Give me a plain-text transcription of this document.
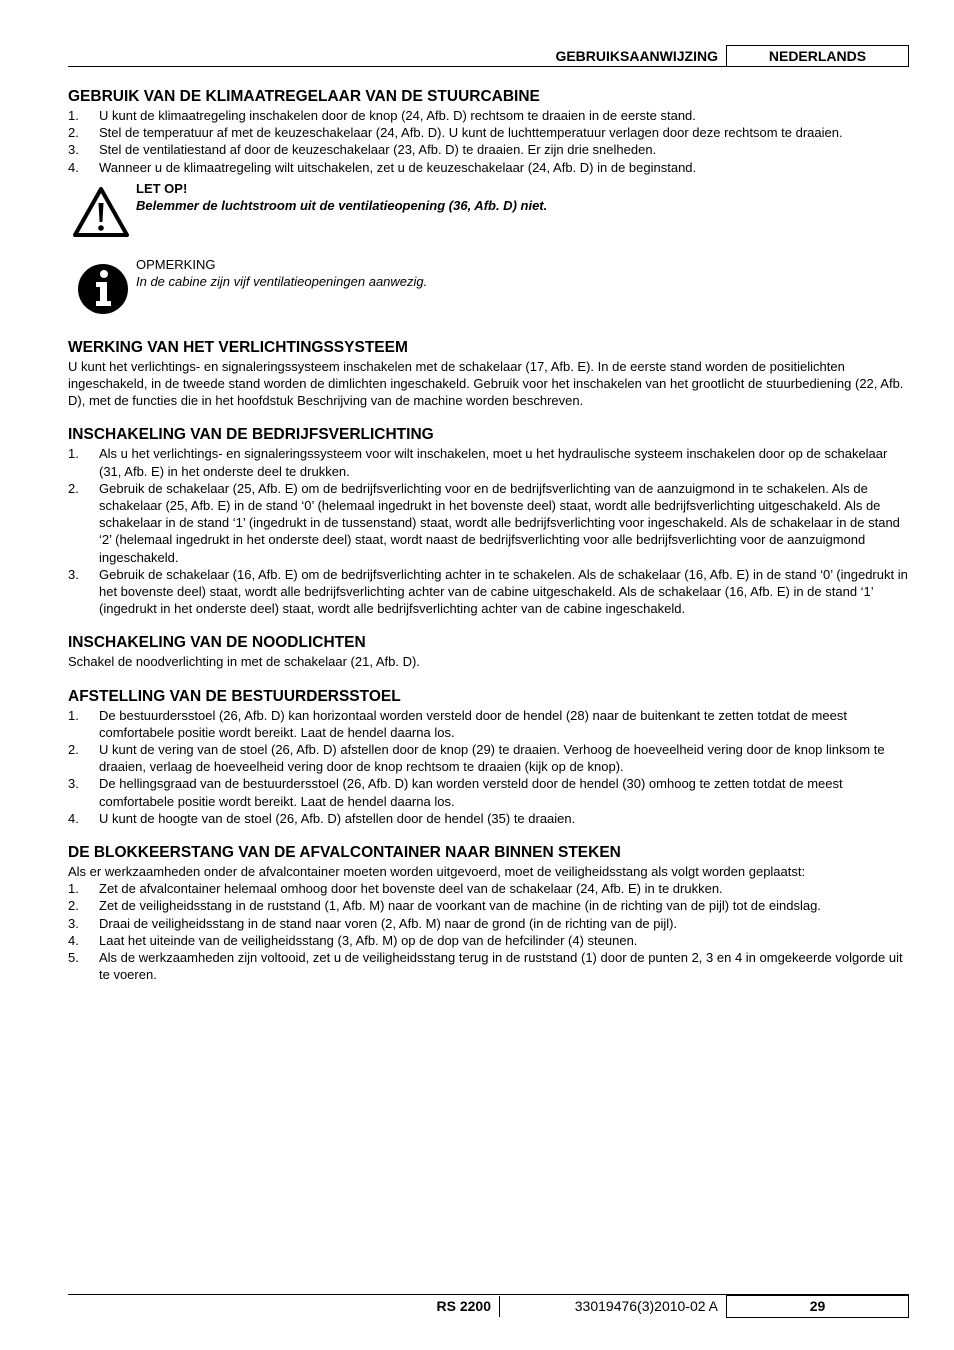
GEBRUIKSAANWIJZING	NEDERLANDS
GEBRUIK VAN DE KLIMAATREGELAAR VAN DE STUURCABINE
1. U kunt de klimaatregeling inschakelen door de knop (24, Afb. D) rechtsom te draaien in de eerste stand.
2. Stel de temperatuur af met de keuzeschakelaar (24, Afb. D). U kunt de luchttemperatuur verlagen door deze rechtsom te draaien.
3. Stel de ventilatiestand af door de keuzeschakelaar (23, Afb. D) te draaien. Er zijn drie snelheden.
4. Wanneer u de klimaatregeling wilt uitschakelen, zet u de keuzeschakelaar (24, Afb. D) in de beginstand.
LET OP!
Belemmer de luchtstroom uit de ventilatieopening (36, Afb. D) niet.
OPMERKING
In de cabine zijn vijf ventilatieopeningen aanwezig.
WERKING VAN HET VERLICHTINGSSYSTEEM

U kunt het verlichtings- en signaleringssysteem inschakelen met de schakelaar (17, Afb. E). In de eerste stand worden de positielichten ingeschakeld, in de tweede stand worden de dimlichten ingeschakeld. Gebruik voor het inschakelen van het grootlicht de stuurbediening (22, Afb. D), met de functies die in het hoofdstuk Beschrijving van de machine worden beschreven.

INSCHAKELING VAN DE BEDRIJFSVERLICHTING
1. Als u het verlichtings- en signaleringssysteem voor wilt inschakelen, moet u het hydraulische systeem inschakelen door op de schakelaar (31, Afb. E) in het onderste deel te drukken.
2. Gebruik de schakelaar (25, Afb. E) om de bedrijfsverlichting voor en de bedrijfsverlichting van de aanzuigmond in te schakelen. Als de schakelaar (25, Afb. E) in de stand ‘0’ (helemaal ingedrukt in het bovenste deel) staat, wordt alle bedrijfsverlichting uitgeschakeld. Als de schakelaar in de stand ‘1’ (ingedrukt in de tussenstand) staat, wordt alle bedrijfsverlichting voor ingeschakeld. Als de schakelaar in de stand ‘2’ (helemaal ingedrukt in het onderste deel) staat, wordt naast de bedrijfsverlichting voor alle bedrijfsverlichting voor de aanzuigmond ingeschakeld.
3. Gebruik de schakelaar (16, Afb. E) om de bedrijfsverlichting achter in te schakelen. Als de schakelaar (16, Afb. E) in de stand ‘0’ (ingedrukt in het bovenste deel) staat, wordt alle bedrijfsverlichting achter van de cabine uitgeschakeld. Als de schakelaar (16, Afb. E) in de stand ‘1’ (ingedrukt in het onderste deel) staat, wordt alle bedrijfsverlichting achter van de cabine ingeschakeld.
INSCHAKELING VAN DE NOODLICHTEN

Schakel de noodverlichting in met de schakelaar (21, Afb. D).

AFSTELLING VAN DE BESTUURDERSSTOEL
1. De bestuurdersstoel (26, Afb. D) kan horizontaal worden versteld door de hendel (28) naar de buitenkant te zetten totdat de meest comfortabele positie wordt bereikt. Laat de hendel daarna los.
2. U kunt de vering van de stoel (26, Afb. D) afstellen door de knop (29) te draaien. Verhoog de hoeveelheid vering door de knop linksom te draaien, verlaag de hoeveelheid vering door de knop rechtsom te draaien (kijk op de knop).
3. De hellingsgraad van de bestuurdersstoel (26, Afb. D) kan worden versteld door de hendel (30) omhoog te zetten totdat de meest comfortabele positie wordt bereikt. Laat de hendel daarna los.
4. U kunt de hoogte van de stoel (26, Afb. D) afstellen door de hendel (35) te draaien.
DE BLOKKEERSTANG VAN DE AFVALCONTAINER NAAR BINNEN STEKEN

Als er werkzaamheden onder de afvalcontainer moeten worden uitgevoerd, moet de veiligheidsstang als volgt worden geplaatst:

1. Zet de afvalcontainer helemaal omhoog door het bovenste deel van de schakelaar (24, Afb. E) in te drukken.
2. Zet de veiligheidsstang in de ruststand (1, Afb. M) naar de voorkant van de machine (in de richting van de pijl) tot de eindslag.
3. Draai de veiligheidsstang in de stand naar voren (2, Afb. M) naar de grond (in de richting van de pijl).
4. Laat het uiteinde van de veiligheidsstang (3, Afb. M) op de dop van de hefcilinder (4) steunen.
5. Als de werkzaamheden zijn voltooid, zet u de veiligheidsstang terug in de ruststand (1) door de punten 2, 3 en 4 in omgekeerde volgorde uit te voeren.
RS 2200	33019476(3)2010-02 A	29
